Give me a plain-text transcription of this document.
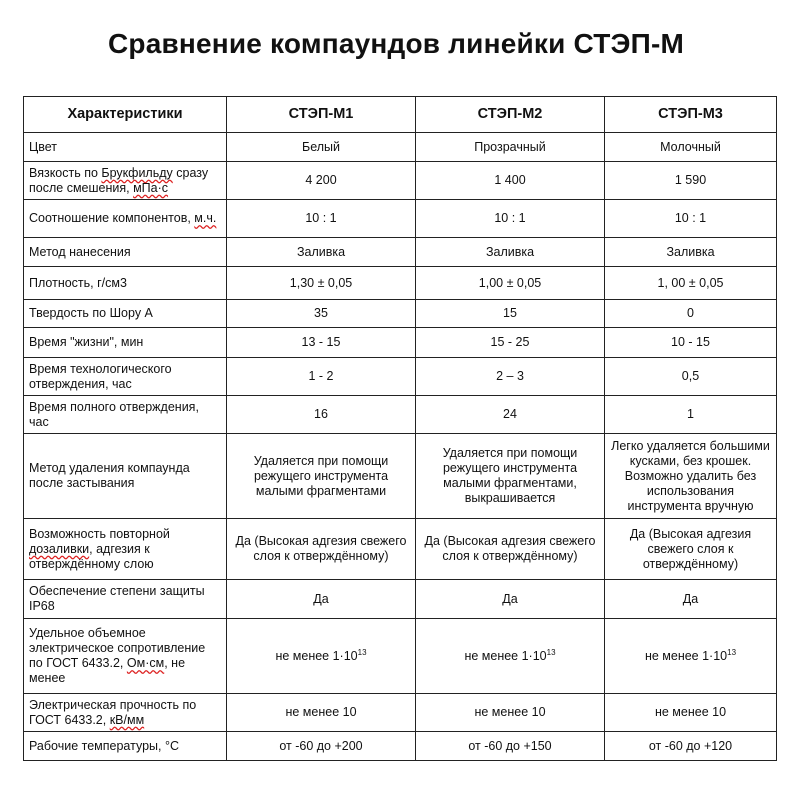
Сравнение компаундов линейки СТЭП-М
Характеристики	СТЭП-М1	СТЭП-М2	СТЭП-М3
Цвет	Белый	Прозрачный	Молочный
Вязкость по Брукфильду сразу после смешения, мПа·с	4 200	1 400	1 590
Соотношение компонентов, м.ч.	10 : 1	10 : 1	10 : 1
Метод нанесения	Заливка	Заливка	Заливка
Плотность, г/см3	1,30 ± 0,05	1,00 ± 0,05	1, 00 ± 0,05
Твердость по Шору А	35	15	0
Время "жизни", мин	13 - 15	15 - 25	10 - 15
Время технологического отверждения, час	1 - 2	2 – 3	0,5
Время полного отверждения, час	16	24	1
Метод удаления компаунда после застывания	Удаляется при помощи режущего инструмента малыми фрагментами	Удаляется при помощи режущего инструмента малыми фрагментами, выкрашивается	Легко удаляется большими кусками, без крошек. Возможно удалить без использования инструмента вручную
Возможность повторной дозаливки, адгезия к отверждённому слою	Да (Высокая адгезия свежего слоя к отверждённому)	Да (Высокая адгезия свежего слоя к отверждённому)	Да (Высокая адгезия свежего слоя к отверждённому)
Обеспечение степени защиты IP68	Да	Да	Да
Удельное объемное электрическое сопротивление по ГОСТ 6433.2, Ом·см, не менее	не менее $1\cdot 10^{13}$	не менее $1\cdot 10^{13}$	не менее $1\cdot 10^{13}$
Электрическая прочность по ГОСТ 6433.2, кВ/мм	не менее 10	не менее 10	не менее 10
Рабочие температуры, °С	от -60 до +200	от -60 до +150	от -60 до +120
